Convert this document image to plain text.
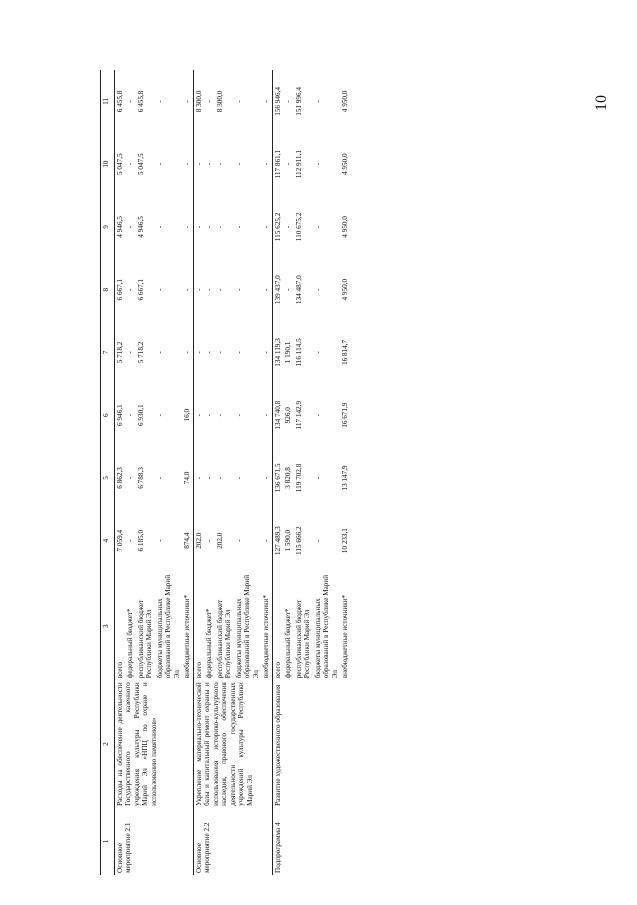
10
1	2	3	4	5	6	7	8	9	10	11
Основное мероприятие 2.1	Расходы на обеспечение деятельности Государственного казенного учреждения культуры Республики Марий Эл «НПЦ по охране и использованию памятников»	всего	7 059,4	6 862,3	6 946,1	5 718,2	6 667,1	4 946,5	5 047,5	6 455,8
		федеральный бюджет*	-	-	-	-	-	-	-	-
		республиканский бюджет Республики Марий Эл	6 185,0	6 788,3	6 930,1	5 718,2	6 667,1	4 946,5	5 047,5	6 455,8
		бюджеты муниципальных образований в Республике Марий Эл	-	-	-	-	-	-	-	-
		внебюджетные источники*	874,4	74,0	16,0	-	-	-	-	-
Основное мероприятие 2.2	Укрепление материально-технической базы и капитальный ремонт охраны и использования историко-культурного наследия, правового обеспечения деятельности государственных учреждений культуры Республики Марий Эл	всего	202,0	-	-	-	-	-	-	8 300,0
		федеральный бюджет*	-	-	-	-	-	-	-	-
		республиканский бюджет Республики Марий Эл	202,0	-	-	-	-	-	-	8 300,0
		бюджеты муниципальных образований в Республике Марий Эл	-	-	-	-	-	-	-	-
		внебюджетные источники*	-	-	-	-	-	-	-	-
Подпрограмма 4	Развитие художественного образования	всего	127 489,3	136 671,5	134 740,8	134 119,3	139 437,0	115 625,2	117 861,1	156 946,4
		федеральный бюджет*	1 590,0	3 820,8	926,0	1 190,1	-	-	-	-
		республиканский бюджет Республики Марий Эл	115 666,2	119 702,8	117 142,9	116 114,5	134 487,0	110 675,2	112 911,1	151 996,4
		бюджеты муниципальных образований в Республике Марий Эл	-	-	-	-	-	-	-	-
		внебюджетные источники*	10 233,1	13 147,9	16 671,9	16 814,7	4 950,0	4 950,0	4 950,0	4 950,0
